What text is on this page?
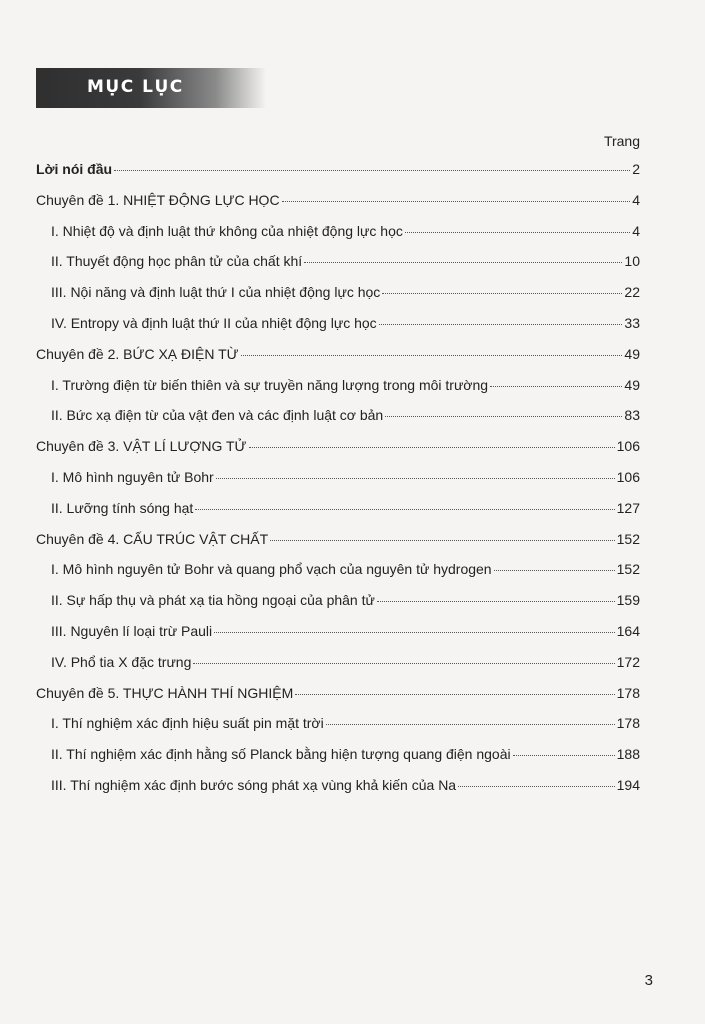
MỤC LỤC
Trang
Lời nói đầu	2
Chuyên đề 1. NHIỆT ĐỘNG LỰC HỌC	4
I. Nhiệt độ và định luật thứ không của nhiệt động lực học	4
II. Thuyết động học phân tử của chất khí	10
III. Nội năng và định luật thứ I của nhiệt động lực học	22
IV. Entropy và định luật thứ II của nhiệt động lực học	33
Chuyên đề 2. BỨC XẠ ĐIỆN TỪ	49
I. Trường điện từ biến thiên và sự truyền năng lượng trong môi trường	49
II. Bức xạ điện từ của vật đen và các định luật cơ bản	83
Chuyên đề 3. VẬT LÍ LƯỢNG TỬ	106
I. Mô hình nguyên tử Bohr	106
II. Lưỡng tính sóng hạt	127
Chuyên đề 4. CẤU TRÚC VẬT CHẤT	152
I. Mô hình nguyên tử Bohr và quang phổ vạch của nguyên tử hydrogen	152
II. Sự hấp thụ và phát xạ tia hồng ngoại của phân tử	159
III. Nguyên lí loại trừ Pauli	164
IV. Phổ tia X đặc trưng	172
Chuyên đề 5. THỰC HÀNH THÍ NGHIỆM	178
I. Thí nghiệm xác định hiệu suất pin mặt trời	178
II. Thí nghiệm xác định hằng số Planck bằng hiện tượng quang điện ngoài	188
III. Thí nghiệm xác định bước sóng phát xạ vùng khả kiến của Na	194
3
